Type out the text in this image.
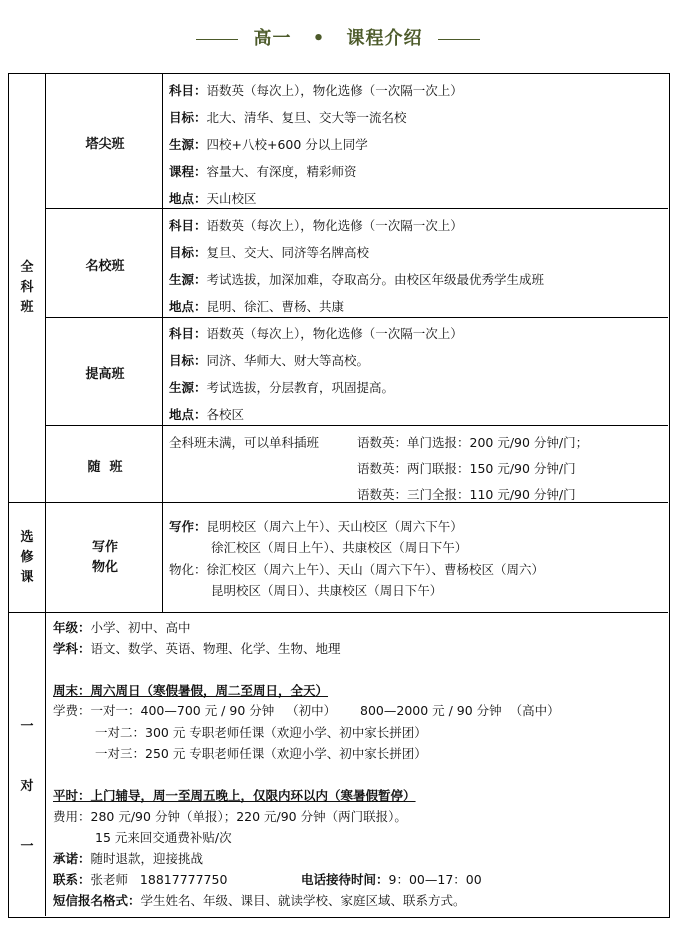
高一 • 课程介绍
全
科
班
塔尖班
科目：语数英（每次上），物化选修（一次隔一次上）
目标：北大、清华、复旦、交大等一流名校
生源：四校+八校+600 分以上同学
课程：容量大、有深度，精彩师资
地点：天山校区
名校班
科目：语数英（每次上），物化选修（一次隔一次上）
目标：复旦、交大、同济等名牌高校
生源：考试选拔，加深加难，夺取高分。由校区年级最优秀学生成班
地点：昆明、徐汇、曹杨、共康
提高班
科目：语数英（每次上），物化选修（一次隔一次上）
目标：同济、华师大、财大等高校。
生源：考试选拔，分层教育，巩固提高。
地点：各校区
随  班
全科班未满，可以单科插班	语数英：单门选报：200 元/90 分钟/门；
语数英：两门联报：150 元/90 分钟/门
语数英：三门全报：110 元/90 分钟/门
选
修
课
写作
物化
写作：昆明校区（周六上午）、天山校区（周六下午）
徐汇校区（周日上午）、共康校区（周日下午）
物化：徐汇校区（周六上午）、天山（周六下午）、曹杨校区（周六）
昆明校区（周日）、共康校区（周日下午）
一
对
一
年级：小学、初中、高中
学科：语文、数学、英语、物理、化学、生物、地理
周末：周六周日（寒假暑假，周二至周日，全天）
学费：一对一：400—700 元 / 90 分钟   （初中）      800—2000 元 / 90 分钟  （高中）
一对二：300 元 专职老师任课（欢迎小学、初中家长拼团）
一对三：250 元 专职老师任课（欢迎小学、初中家长拼团）
平时：上门辅导，周一至周五晚上，仅限内环以内（寒暑假暂停）
费用：280 元/90 分钟（单报）；220 元/90 分钟（两门联报）。
15 元来回交通费补贴/次
承诺：随时退款，迎接挑战
联系：张老师   18817777750	电话接待时间：9：00—17：00
短信报名格式：学生姓名、年级、课目、就读学校、家庭区域、联系方式。
